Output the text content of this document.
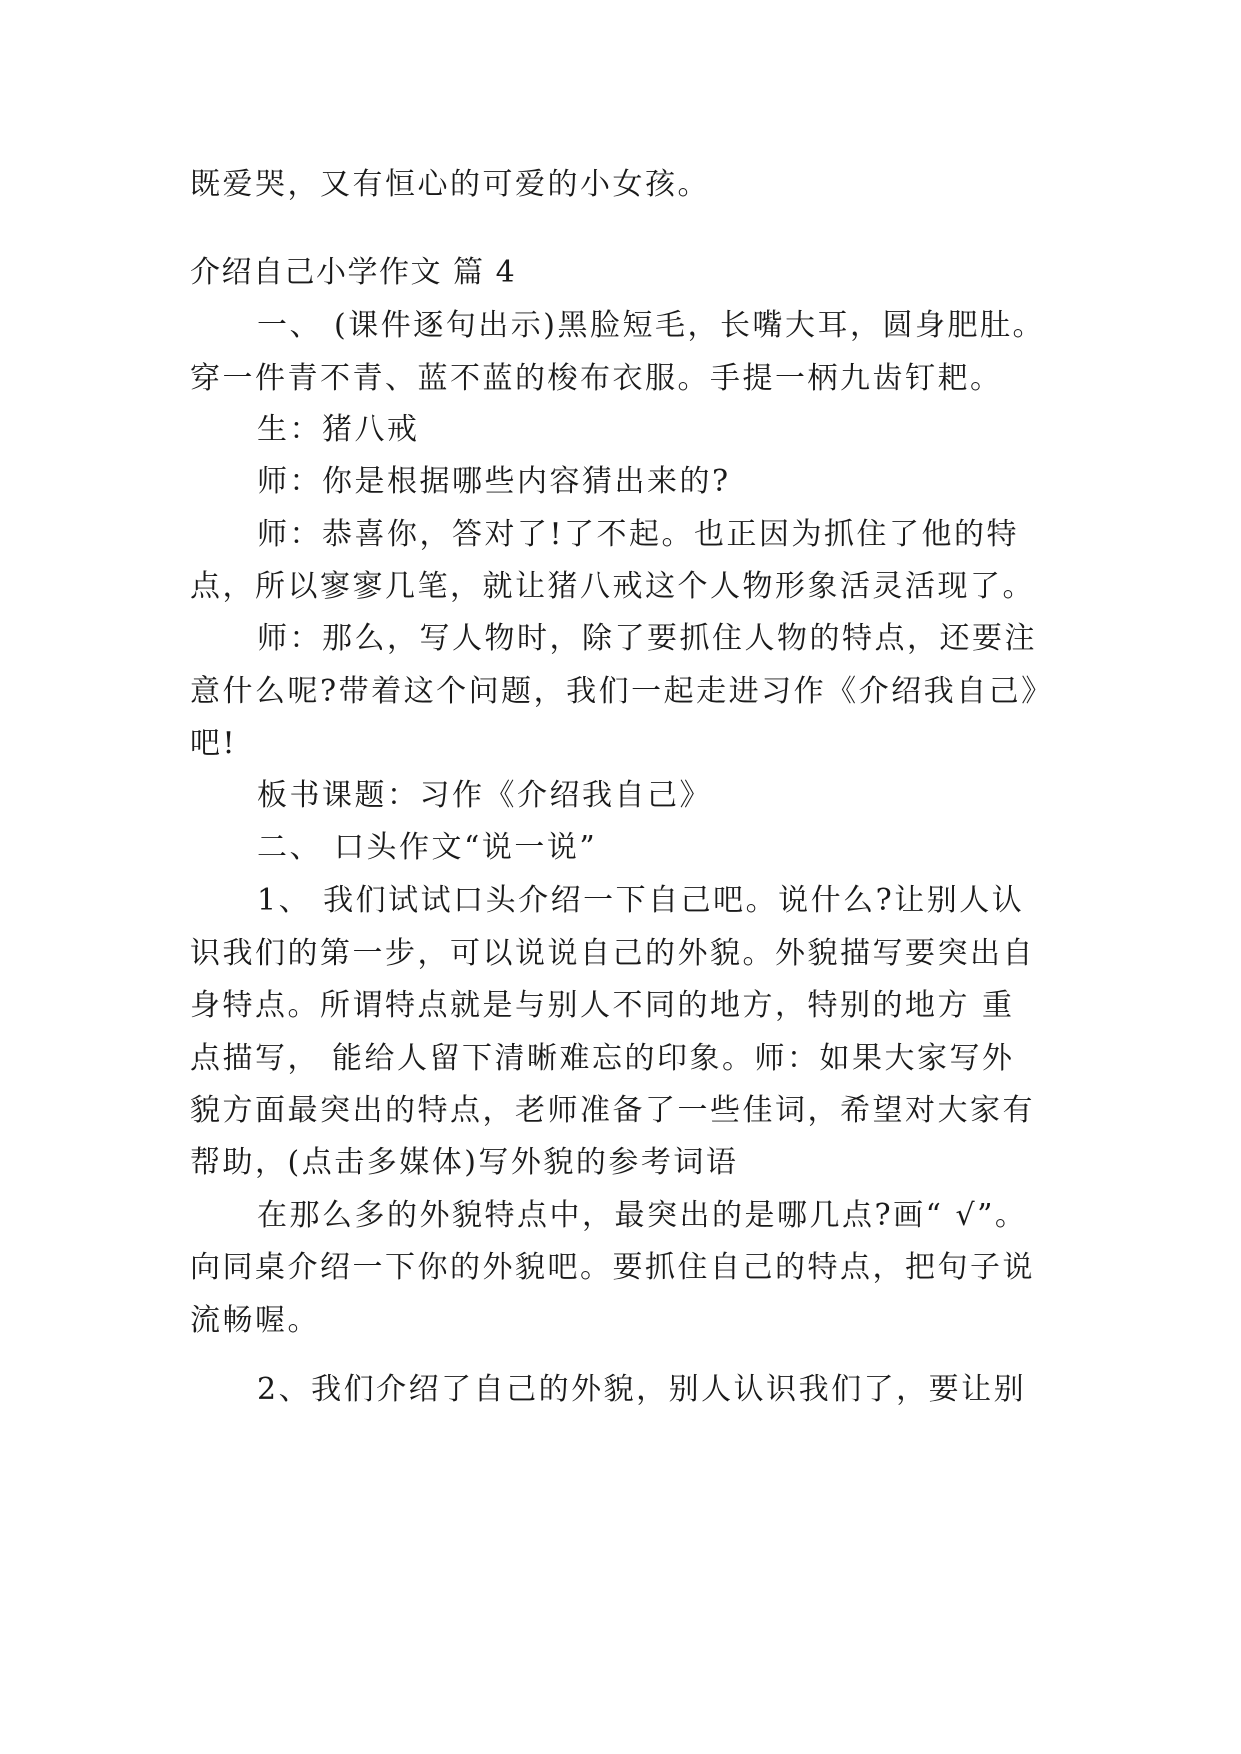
既爱哭，又有恒心的可爱的小女孩。

介绍自己小学作文 篇 4

一、 (课件逐句出示)黑脸短毛，长嘴大耳，圆身肥肚。

穿一件青不青、蓝不蓝的梭布衣服。手提一柄九齿钉耙。

生：猪八戒

师：你是根据哪些内容猜出来的?

师：恭喜你，答对了!了不起。也正因为抓住了他的特

点，所以寥寥几笔，就让猪八戒这个人物形象活灵活现了。

师：那么，写人物时，除了要抓住人物的特点，还要注

意什么呢?带着这个问题，我们一起走进习作《介绍我自己》

吧!

板书课题：习作《介绍我自己》

二、 口头作文“说一说”

1、 我们试试口头介绍一下自己吧。说什么?让别人认

识我们的第一步，可以说说自己的外貌。外貌描写要突出自

身特点。所谓特点就是与别人不同的地方，特别的地方 重

点描写， 能给人留下清晰难忘的印象。师：如果大家写外

貌方面最突出的特点，老师准备了一些佳词，希望对大家有

帮助，(点击多媒体)写外貌的参考词语

在那么多的外貌特点中，最突出的是哪几点?画“ √”。

向同桌介绍一下你的外貌吧。要抓住自己的特点，把句子说

流畅喔。

2、我们介绍了自己的外貌，别人认识我们了，要让别
